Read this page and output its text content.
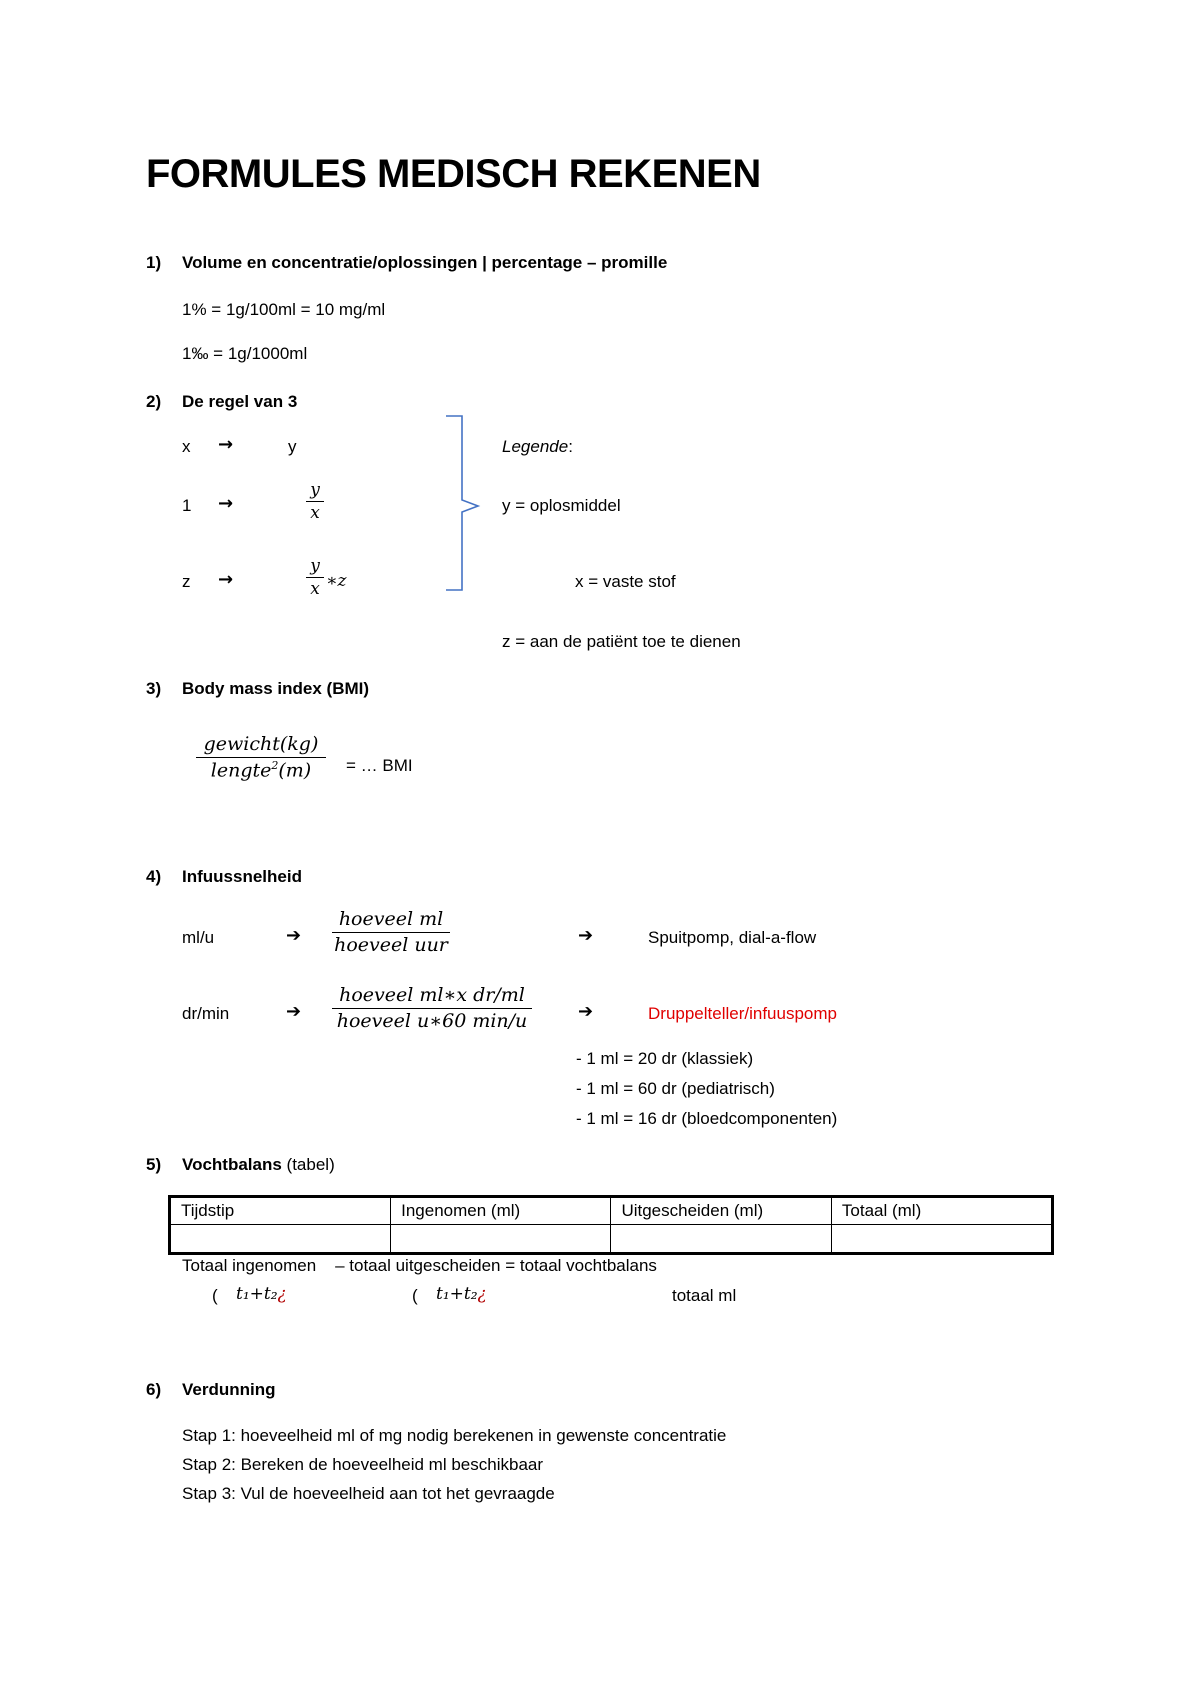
FORMULES MEDISCH REKENEN
1) Volume en concentratie/oplossingen | percentage – promille
1% = 1g/100ml = 10 mg/ml
1‰ = 1g/1000ml
2) De regel van 3
x →	y
1 →
y
x
z →
y
x ∗z
Legende:
y = oplosmiddel
x = vaste stof
z = aan de patiënt toe te dienen
3) Body mass index (BMI)
gewicht(kg)
lengte$^2$(m)	= … BMI
4) Infuussnelheid
ml/u	➔
hoeveel ml
hoeveel uur	➔	Spuitpomp, dial-a-flow
dr/min	➔
hoeveel ml∗x dr/ml
hoeveel u∗60 min/u	➔	Druppelteller/infuuspomp
- 1 ml = 20 dr (klassiek)
- 1 ml = 60 dr (pediatrisch)
- 1 ml = 16 dr (bloedcomponenten)
5) Vochtbalans (tabel)
Tijdstip	Ingenomen (ml)	Uitgescheiden (ml)	Totaal (ml)

Totaal ingenomen    – totaal uitgescheiden = totaal vochtbalans
( t₁+t₂¿	( t₁+t₂¿	totaal ml
6) Verdunning
Stap 1: hoeveelheid ml of mg nodig berekenen in gewenste concentratie
Stap 2: Bereken de hoeveelheid ml beschikbaar
Stap 3: Vul de hoeveelheid aan tot het gevraagde
